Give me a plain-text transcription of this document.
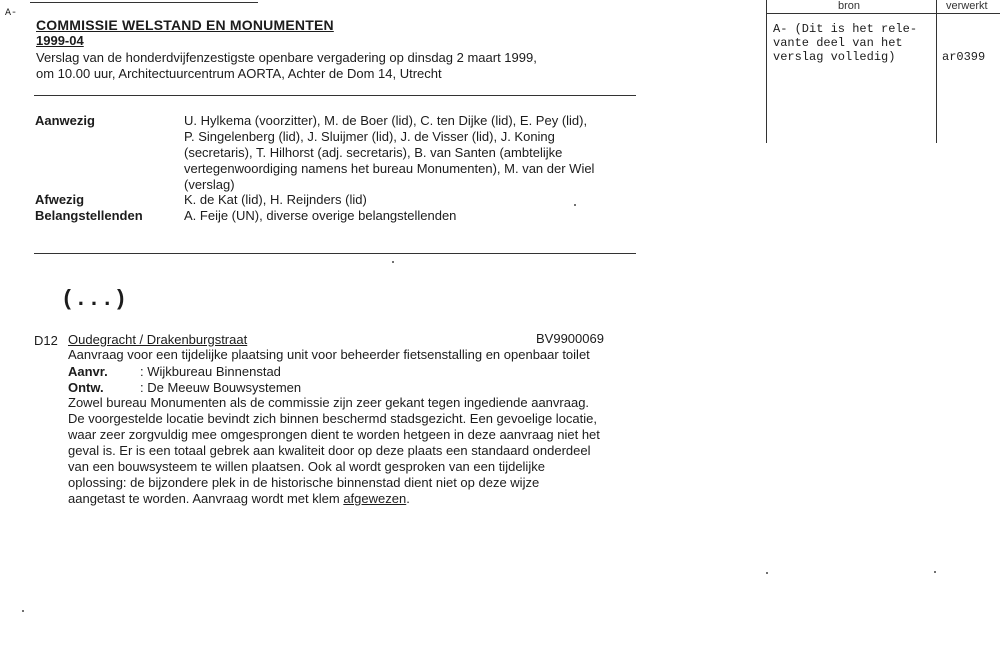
A-
COMMISSIE WELSTAND EN MONUMENTEN
1999-04
Verslag van de honderdvijfenzestigste openbare vergadering op dinsdag 2 maart 1999,
om 10.00 uur, Architectuurcentrum AORTA, Achter de Dom 14, Utrecht
Aanwezig	U. Hylkema (voorzitter), M. de Boer (lid), C. ten Dijke (lid), E. Pey (lid),
P. Singelenberg (lid), J. Sluijmer (lid), J. de Visser (lid), J. Koning
(secretaris), T. Hilhorst (adj. secretaris), B. van Santen (ambtelijke
vertegenwoordiging namens het bureau Monumenten), M. van der Wiel
(verslag)
Afwezig	K. de Kat (lid), H. Reijnders (lid)
Belangstellenden	A. Feije (UN), diverse overige belangstellenden
(...)
D12 Oudegracht / Drakenburgstraat	BV9900069
Aanvraag voor een tijdelijke plaatsing unit voor beheerder fietsenstalling en openbaar toilet
Aanvr. : Wijkbureau Binnenstad
Ontw.	: De Meeuw Bouwsystemen
Zowel bureau Monumenten als de commissie zijn zeer gekant tegen ingediende aanvraag.
De voorgestelde locatie bevindt zich binnen beschermd stadsgezicht. Een gevoelige locatie,
waar zeer zorgvuldig mee omgesprongen dient te worden hetgeen in deze aanvraag niet het
geval is. Er is een totaal gebrek aan kwaliteit door op deze plaats een standaard onderdeel
van een bouwsysteem te willen plaatsen. Ook al wordt gesproken van een tijdelijke
oplossing: de bijzondere plek in de historische binnenstad dient niet op deze wijze
aangetast te worden. Aanvraag wordt met klem afgewezen.
bron	verwerkt
A- (Dit is het rele-
vante deel van het
verslag volledig)	ar0399
